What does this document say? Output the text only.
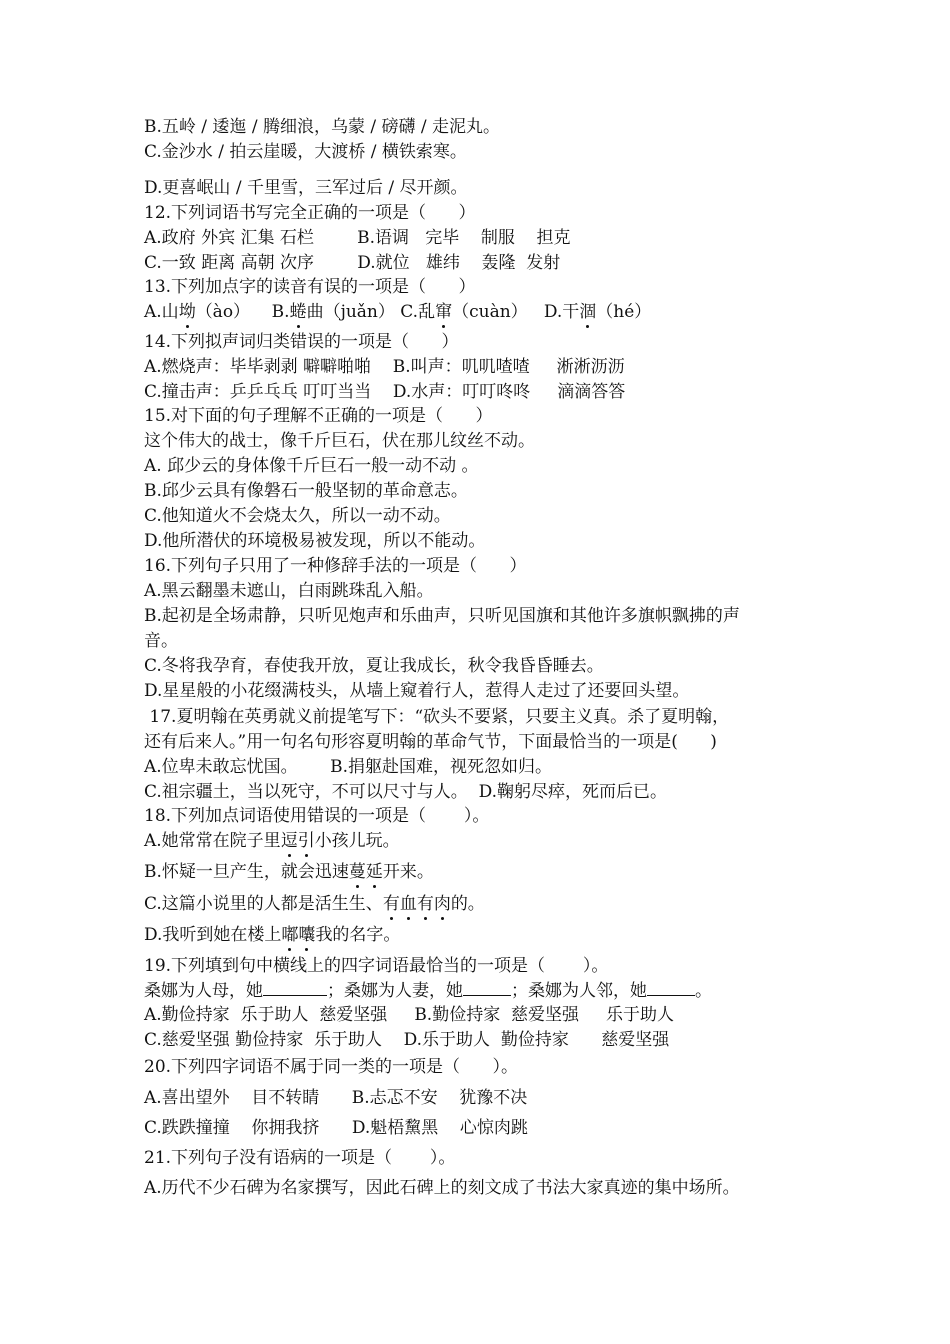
B.五岭 / 逶迤 / 腾细浪，乌蒙 / 磅礴 / 走泥丸。
C.金沙水 / 拍云崖暖，大渡桥 / 横铁索寒。
D.更喜岷山 / 千里雪，三军过后 / 尽开颜。
12.下列词语书写完全正确的一项是（      ）
A.政府 外宾 汇集 石栏        B.语调   完毕    制服    担克
C.一致 距离 高朝 次序        D.就位   雄纬    轰隆  发射
13.下列加点字的读音有误的一项是（      ）
A.山坳（ào）    B.蜷曲（juǎn） C.乱窜（cuàn）   D.干涸（hé）
14.下列拟声词归类错误的一项是（      ）
A.燃烧声：毕毕剥剥 噼噼啪啪    B.叫声：叽叽喳喳     淅淅沥沥
C.撞击声：乒乒乓乓 叮叮当当    D.水声：叮叮咚咚     滴滴答答
15.对下面的句子理解不正确的一项是（      ）
这个伟大的战士，像千斤巨石，伏在那儿纹丝不动。
A. 邱少云的身体像千斤巨石一般一动不动 。
B.邱少云具有像磐石一般坚韧的革命意志。
C.他知道火不会烧太久，所以一动不动。
D.他所潜伏的环境极易被发现，所以不能动。
16.下列句子只用了一种修辞手法的一项是（      ）
A.黑云翻墨未遮山，白雨跳珠乱入船。
B.起初是全场肃静，只听见炮声和乐曲声，只听见国旗和其他许多旗帜飘拂的声
音。
C.冬将我孕育，春使我开放，夏让我成长，秋令我昏昏睡去。
D.星星般的小花缀满枝头，从墙上窥着行人，惹得人走过了还要回头望。
17.夏明翰在英勇就义前提笔写下：“砍头不要紧，只要主义真。杀了夏明翰，
还有后来人。”用一句名句形容夏明翰的革命气节，下面最恰当的一项是(      )
A.位卑未敢忘忧国。      B.捐躯赴国难，视死忽如归。
C.祖宗疆土，当以死守，不可以尺寸与人。  D.鞠躬尽瘁，死而后已。
18.下列加点词语使用错误的一项是（       ）。
A.她常常在院子里逗引小孩儿玩。
B.怀疑一旦产生，就会迅速蔓延开来。
C.这篇小说里的人都是活生生、有血有肉的。
D.我听到她在楼上嘟囔我的名字。
19.下列填到句中横线上的四字词语最恰当的一项是（       ）。
桑娜为人母，她	；桑娜为人妻，她	；桑娜为人邻，她	。
A.勤俭持家  乐于助人  慈爱坚强     B.勤俭持家  慈爱坚强     乐于助人
C.慈爱坚强 勤俭持家  乐于助人    D.乐于助人  勤俭持家      慈爱坚强
20.下列四字词语不属于同一类的一项是（      ）。
A.喜出望外    目不转睛      B.忐忑不安    犹豫不决
C.跌跌撞撞    你拥我挤      D.魁梧黧黑    心惊肉跳
21.下列句子没有语病的一项是（       ）。
A.历代不少石碑为名家撰写，因此石碑上的刻文成了书法大家真迹的集中场所。
